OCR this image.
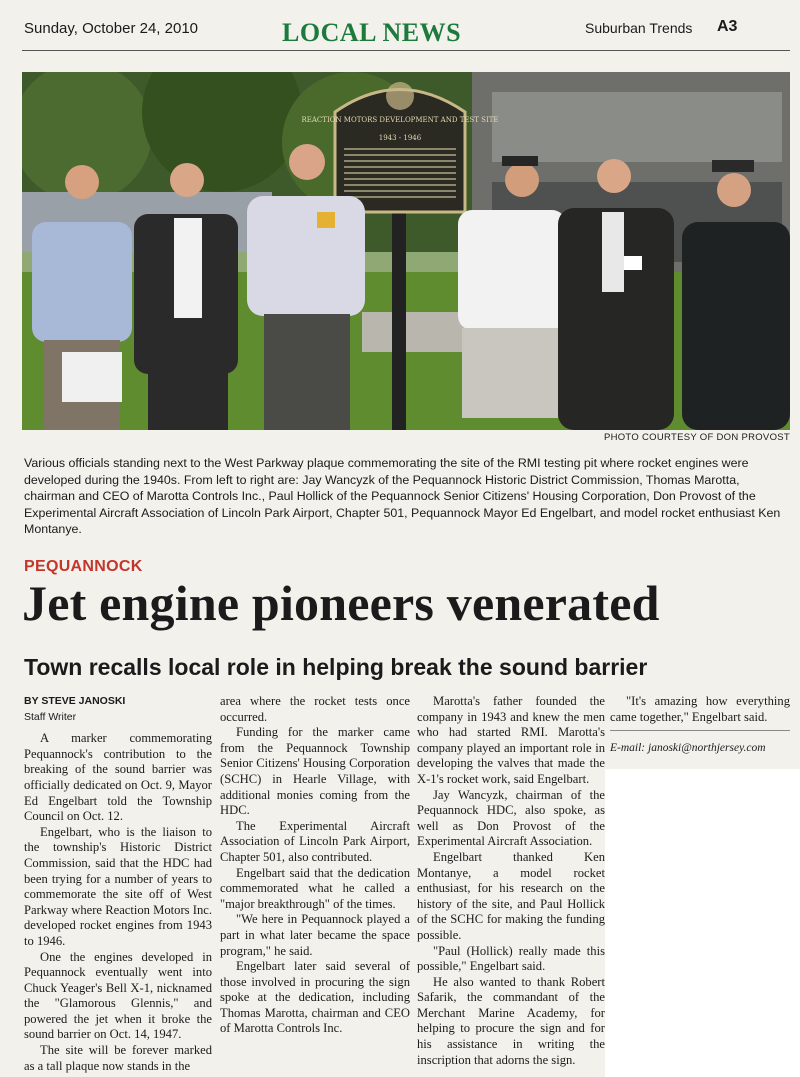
Sunday, October 24, 2010	LOCAL NEWS	Suburban Trends A3
REACTION MOTORS DEVELOPMENT AND TEST SITE
1943 - 1946
PHOTO COURTESY OF DON PROVOST
Various officials standing next to the West Parkway plaque commemorating the site of the RMI testing pit where rocket engines were developed during the 1940s. From left to right are: Jay Wancyzk of the Pequannock Historic District Commission, Thomas Marotta, chairman and CEO of Marotta Controls Inc., Paul Hollick of the Pequannock Senior Citizens' Housing Corporation, Don Provost of the Experimental Aircraft Association of Lincoln Park Airport, Chapter 501, Pequannock Mayor Ed Engelbart, and model rocket enthusiast Ken Montanye.
PEQUANNOCK
Jet engine pioneers venerated
Town recalls local role in helping break the sound barrier

BY STEVE JANOSKI

Staff Writer

A marker commemorating Pequannock's contribution to the breaking of the sound barrier was officially dedicated on Oct. 9, Mayor Ed Engelbart told the Township Council on Oct. 12.

Engelbart, who is the liaison to the township's Historic District Commission, said that the HDC had been trying for a number of years to commemorate the site off of West Parkway where Reaction Motors Inc. developed rocket engines from 1943 to 1946.

One the engines developed in Pequannock eventually went into Chuck Yeager's Bell X-1, nicknamed the "Glamorous Glennis," and powered the jet when it broke the sound barrier on Oct. 14, 1947.

The site will be forever marked as a tall plaque now stands in the

area where the rocket tests once occurred.

Funding for the marker came from the Pequannock Township Senior Citizens' Housing Corporation (SCHC) in Hearle Village, with additional monies coming from the HDC.

The Experimental Aircraft Association of Lincoln Park Airport, Chapter 501, also contributed.

Engelbart said that the dedication commemorated what he called a "major breakthrough" of the times.

"We here in Pequannock played a part in what later became the space program," he said.

Engelbart later said several of those involved in procuring the sign spoke at the dedication, including Thomas Marotta, chairman and CEO of Marotta Controls Inc.

Marotta's father founded the company in 1943 and knew the men who had started RMI. Marotta's company played an important role in developing the valves that made the X-1's rocket work, said Engelbart.

Jay Wancyzk, chairman of the Pequannock HDC, also spoke, as well as Don Provost of the Experimental Aircraft Association.

Engelbart thanked Ken Montanye, a model rocket enthusiast, for his research on the history of the site, and Paul Hollick of the SCHC for making the funding possible.

"Paul (Hollick) really made this possible," Engelbart said.

He also wanted to thank Robert Safarik, the commandant of the Merchant Marine Academy, for helping to procure the sign and for his assistance in writing the inscription that adorns the sign.

"It's amazing how everything came together," Engelbart said.

E-mail: janoski@northjersey.com
